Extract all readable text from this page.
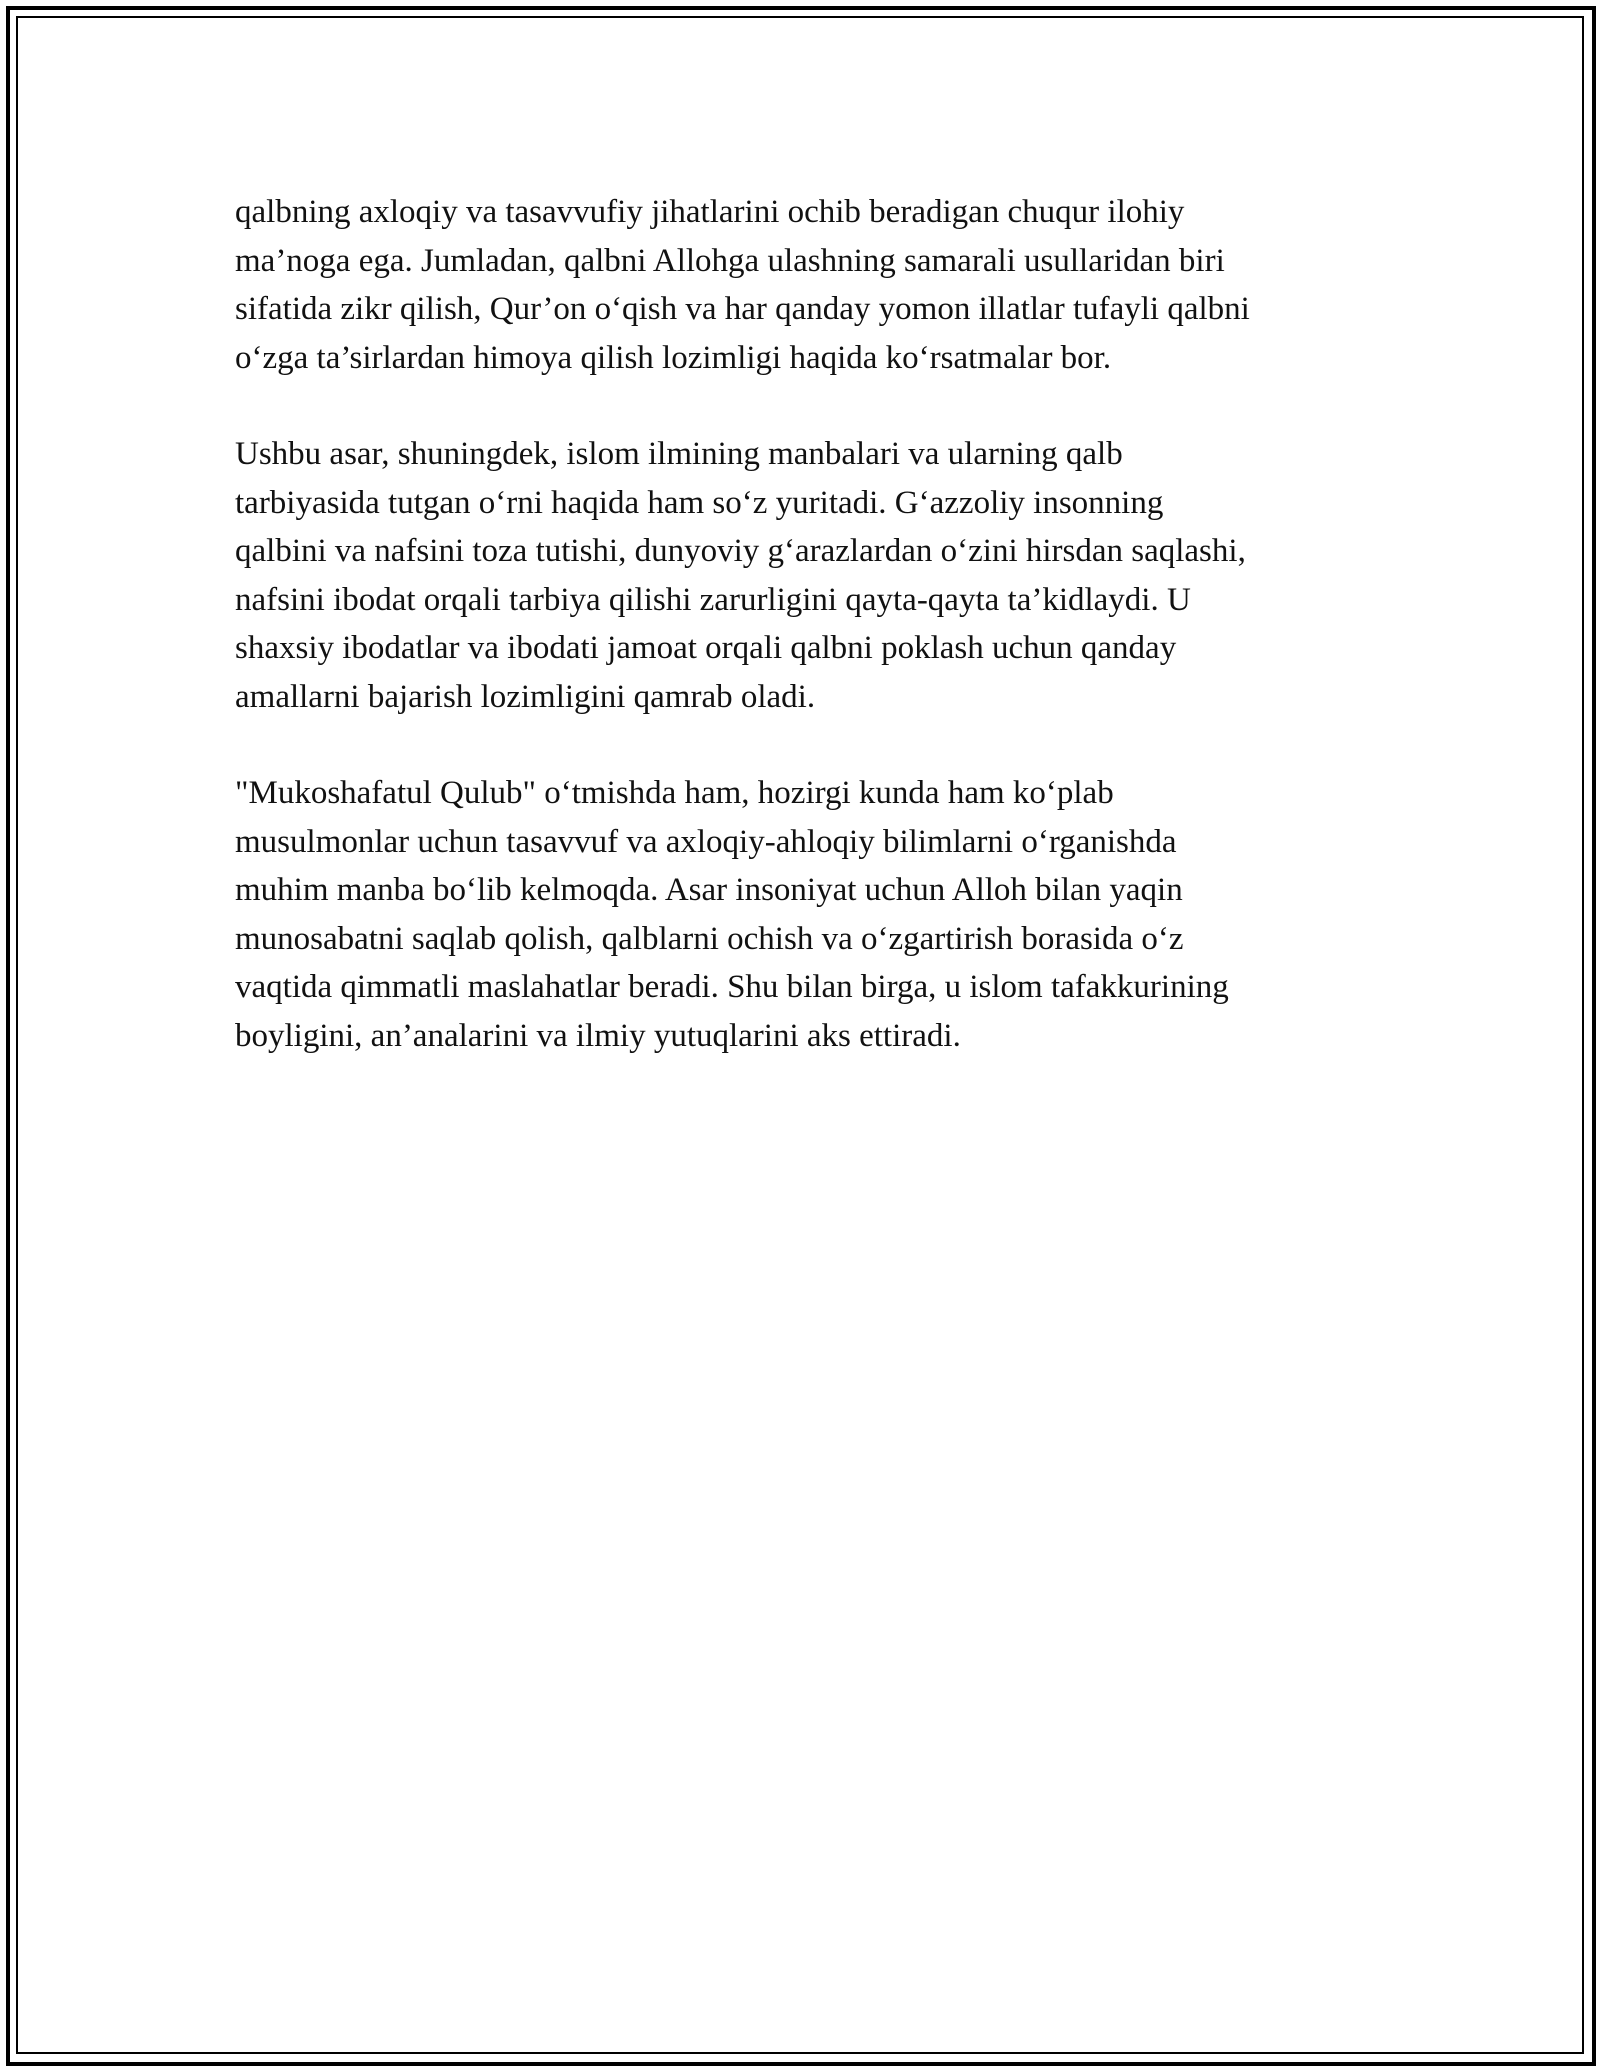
qalbning axloqiy va tasavvufiy jihatlarini ochib beradigan chuqur ilohiy
ma’noga ega. Jumladan, qalbni Allohga ulashning samarali usullaridan biri
sifatida zikr qilish, Qur’on o‘qish va har qanday yomon illatlar tufayli qalbni
o‘zga ta’sirlardan himoya qilish lozimligi haqida ko‘rsatmalar bor.

Ushbu asar, shuningdek, islom ilmining manbalari va ularning qalb
tarbiyasida tutgan o‘rni haqida ham so‘z yuritadi. G‘azzoliy insonning
qalbini va nafsini toza tutishi, dunyoviy g‘arazlardan o‘zini hirsdan saqlashi,
nafsini ibodat orqali tarbiya qilishi zarurligini qayta-qayta ta’kidlaydi. U
shaxsiy ibodatlar va ibodati jamoat orqali qalbni poklash uchun qanday
amallarni bajarish lozimligini qamrab oladi.

"Mukoshafatul Qulub" o‘tmishda ham, hozirgi kunda ham ko‘plab
musulmonlar uchun tasavvuf va axloqiy-ahloqiy bilimlarni o‘rganishda
muhim manba bo‘lib kelmoqda. Asar insoniyat uchun Alloh bilan yaqin
munosabatni saqlab qolish, qalblarni ochish va o‘zgartirish borasida o‘z
vaqtida qimmatli maslahatlar beradi. Shu bilan birga, u islom tafakkurining
boyligini, an’analarini va ilmiy yutuqlarini aks ettiradi.
